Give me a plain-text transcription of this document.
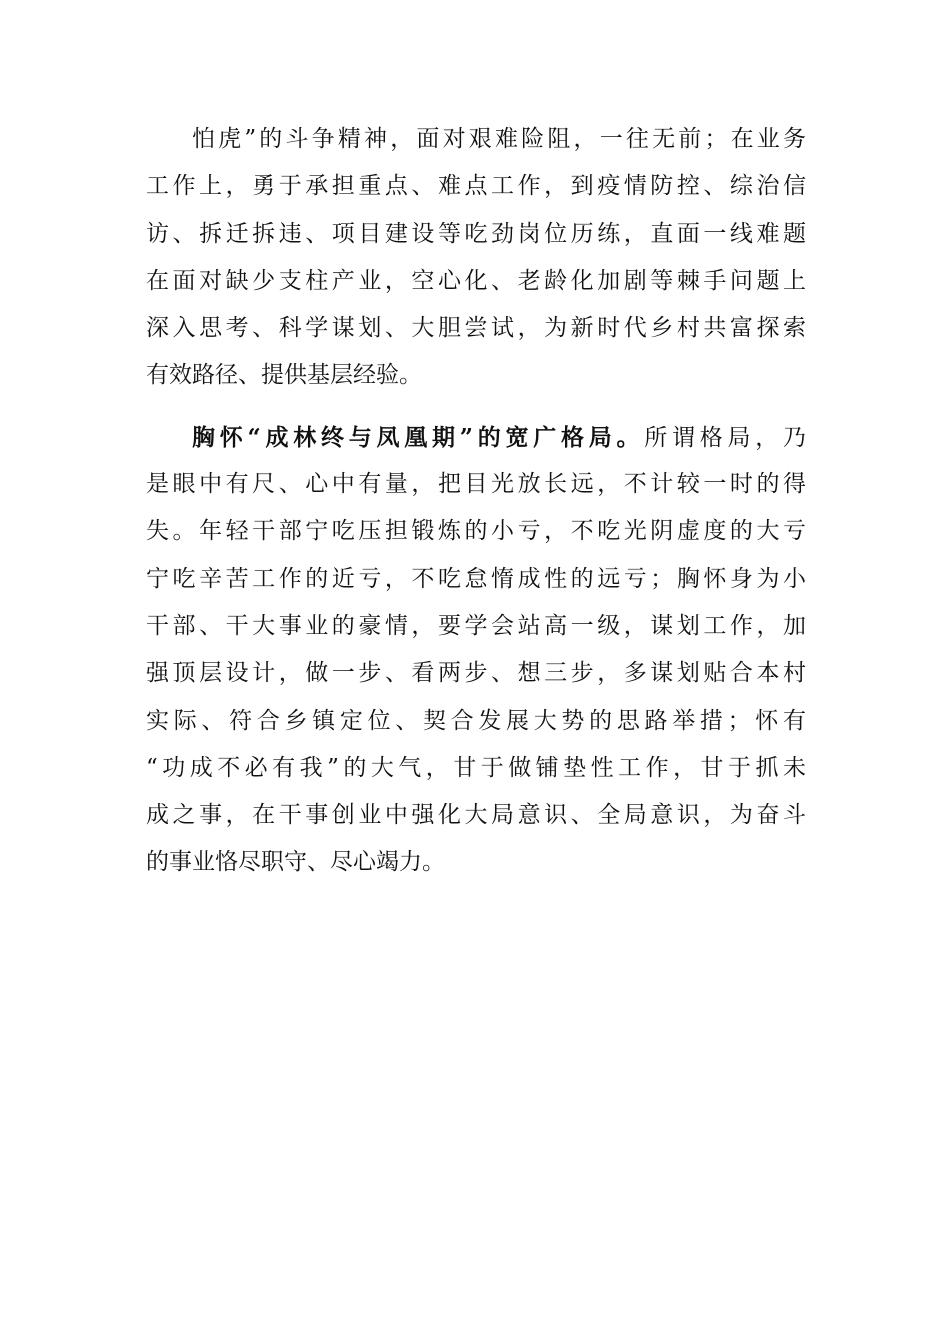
怕虎”的斗争精神，面对艰难险阻，一往无前；在业务
工作上，勇于承担重点、难点工作，到疫情防控、综治信
访、拆迁拆违、项目建设等吃劲岗位历练，直面一线难题
在面对缺少支柱产业，空心化、老龄化加剧等棘手问题上
深入思考、科学谋划、大胆尝试，为新时代乡村共富探索
有效路径、提供基层经验。
胸怀“成林终与凤凰期”的宽广格局。所谓格局，乃
是眼中有尺、心中有量，把目光放长远，不计较一时的得
失。年轻干部宁吃压担锻炼的小亏，不吃光阴虚度的大亏
宁吃辛苦工作的近亏，不吃怠惰成性的远亏；胸怀身为小
干部、干大事业的豪情，要学会站高一级，谋划工作，加
强顶层设计，做一步、看两步、想三步，多谋划贴合本村
实际、符合乡镇定位、契合发展大势的思路举措；怀有
“功成不必有我”的大气，甘于做铺垫性工作，甘于抓未
成之事，在干事创业中强化大局意识、全局意识，为奋斗
的事业恪尽职守、尽心竭力。
